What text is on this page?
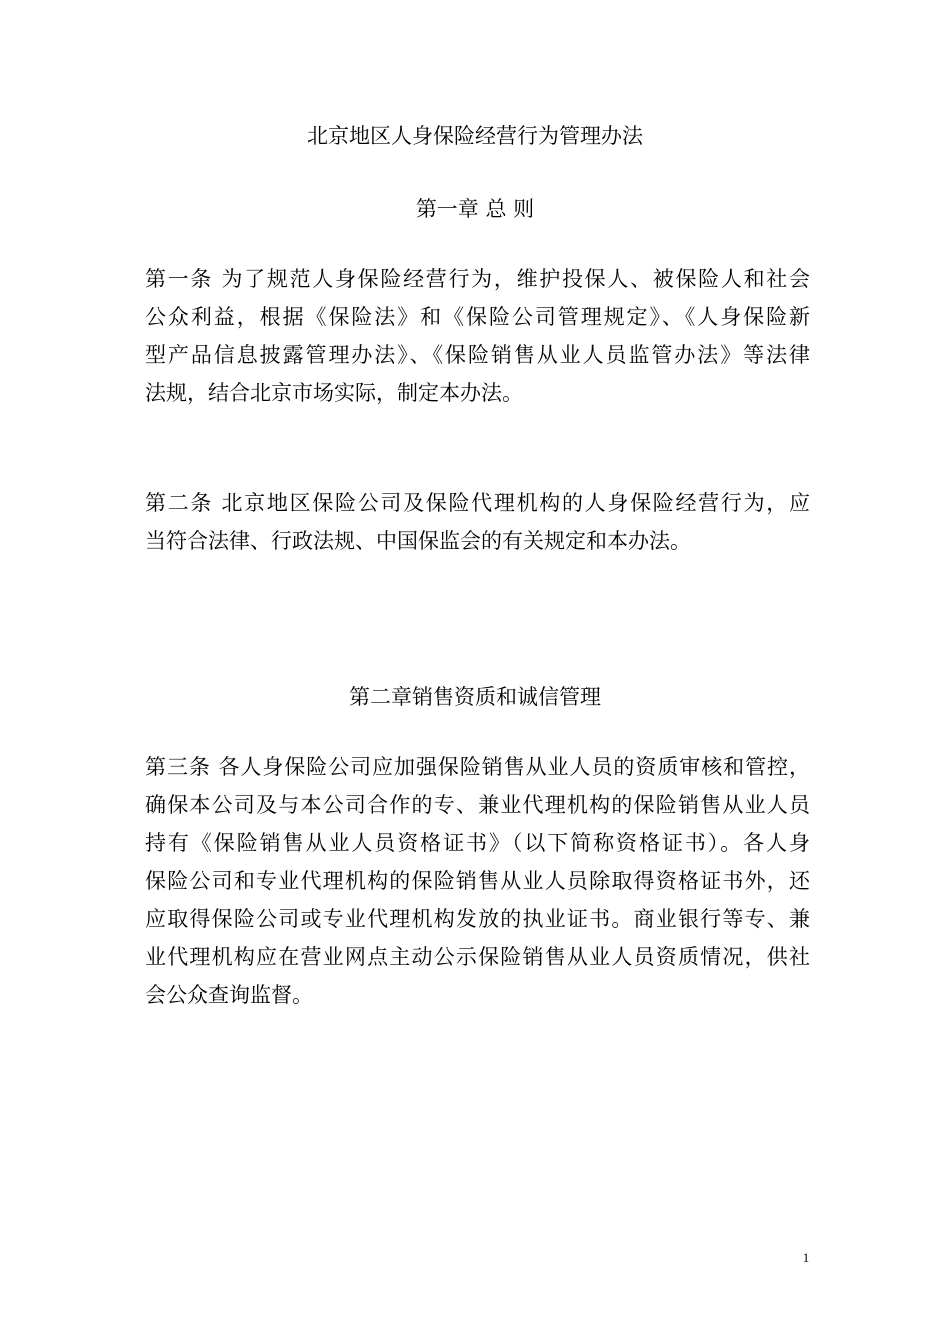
北京地区人身保险经营行为管理办法
第一章 总 则
第一条 为了规范人身保险经营行为，维护投保人、被保险人和社会
公众利益，根据《保险法》和《保险公司管理规定》、《人身保险新
型产品信息披露管理办法》、《保险销售从业人员监管办法》等法律
法规，结合北京市场实际，制定本办法。
第二条 北京地区保险公司及保险代理机构的人身保险经营行为，应
当符合法律、行政法规、中国保监会的有关规定和本办法。
第二章销售资质和诚信管理
第三条 各人身保险公司应加强保险销售从业人员的资质审核和管控，
确保本公司及与本公司合作的专、兼业代理机构的保险销售从业人员
持有《保险销售从业人员资格证书》（以下简称资格证书）。各人身
保险公司和专业代理机构的保险销售从业人员除取得资格证书外，还
应取得保险公司或专业代理机构发放的执业证书。商业银行等专、兼
业代理机构应在营业网点主动公示保险销售从业人员资质情况，供社
会公众查询监督。
1
